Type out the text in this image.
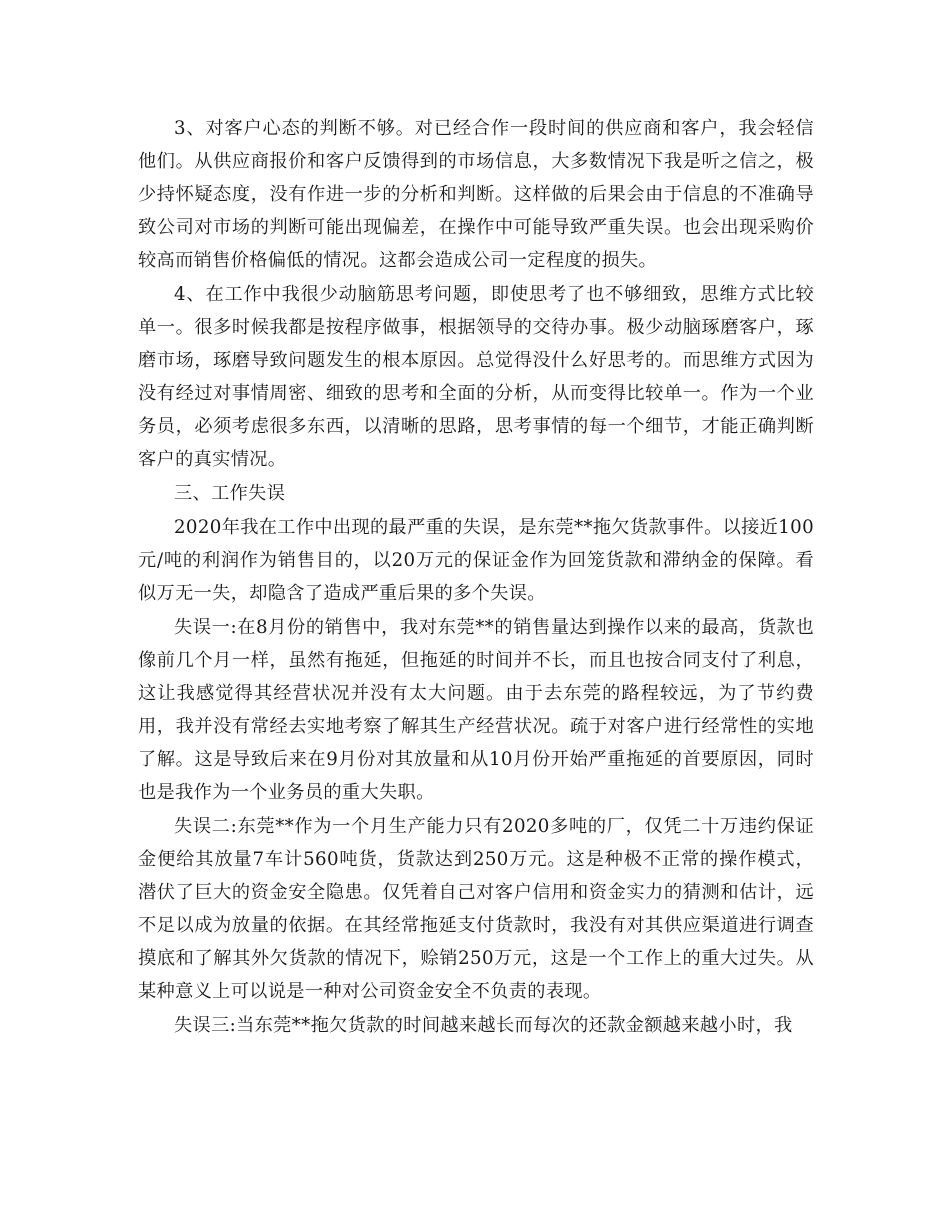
3、对客户心态的判断不够。对已经合作一段时间的供应商和客户，我会轻信他们。从供应商报价和客户反馈得到的市场信息，大多数情况下我是听之信之，极少持怀疑态度，没有作进一步的分析和判断。这样做的后果会由于信息的不准确导致公司对市场的判断可能出现偏差，在操作中可能导致严重失误。也会出现采购价较高而销售价格偏低的情况。这都会造成公司一定程度的损失。

4、在工作中我很少动脑筋思考问题，即使思考了也不够细致，思维方式比较单一。很多时候我都是按程序做事，根据领导的交待办事。极少动脑琢磨客户，琢磨市场，琢磨导致问题发生的根本原因。总觉得没什么好思考的。而思维方式因为没有经过对事情周密、细致的思考和全面的分析，从而变得比较单一。作为一个业务员，必须考虑很多东西，以清晰的思路，思考事情的每一个细节，才能正确判断客户的真实情况。

三、工作失误

2020年我在工作中出现的最严重的失误，是东莞**拖欠货款事件。以接近100元/吨的利润作为销售目的，以20万元的保证金作为回笼货款和滞纳金的保障。看似万无一失，却隐含了造成严重后果的多个失误。

失误一:在8月份的销售中，我对东莞**的销售量达到操作以来的最高，货款也像前几个月一样，虽然有拖延，但拖延的时间并不长，而且也按合同支付了利息，这让我感觉得其经营状况并没有太大问题。由于去东莞的路程较远，为了节约费用，我并没有常经去实地考察了解其生产经营状况。疏于对客户进行经常性的实地了解。这是导致后来在9月份对其放量和从10月份开始严重拖延的首要原因，同时也是我作为一个业务员的重大失职。

失误二:东莞**作为一个月生产能力只有2020多吨的厂，仅凭二十万违约保证金便给其放量7车计560吨货，货款达到250万元。这是种极不正常的操作模式，潜伏了巨大的资金安全隐患。仅凭着自己对客户信用和资金实力的猜测和估计，远不足以成为放量的依据。在其经常拖延支付货款时，我没有对其供应渠道进行调查摸底和了解其外欠货款的情况下，赊销250万元，这是一个工作上的重大过失。从某种意义上可以说是一种对公司资金安全不负责的表现。

失误三:当东莞**拖欠货款的时间越来越长而每次的还款金额越来越小时，我
